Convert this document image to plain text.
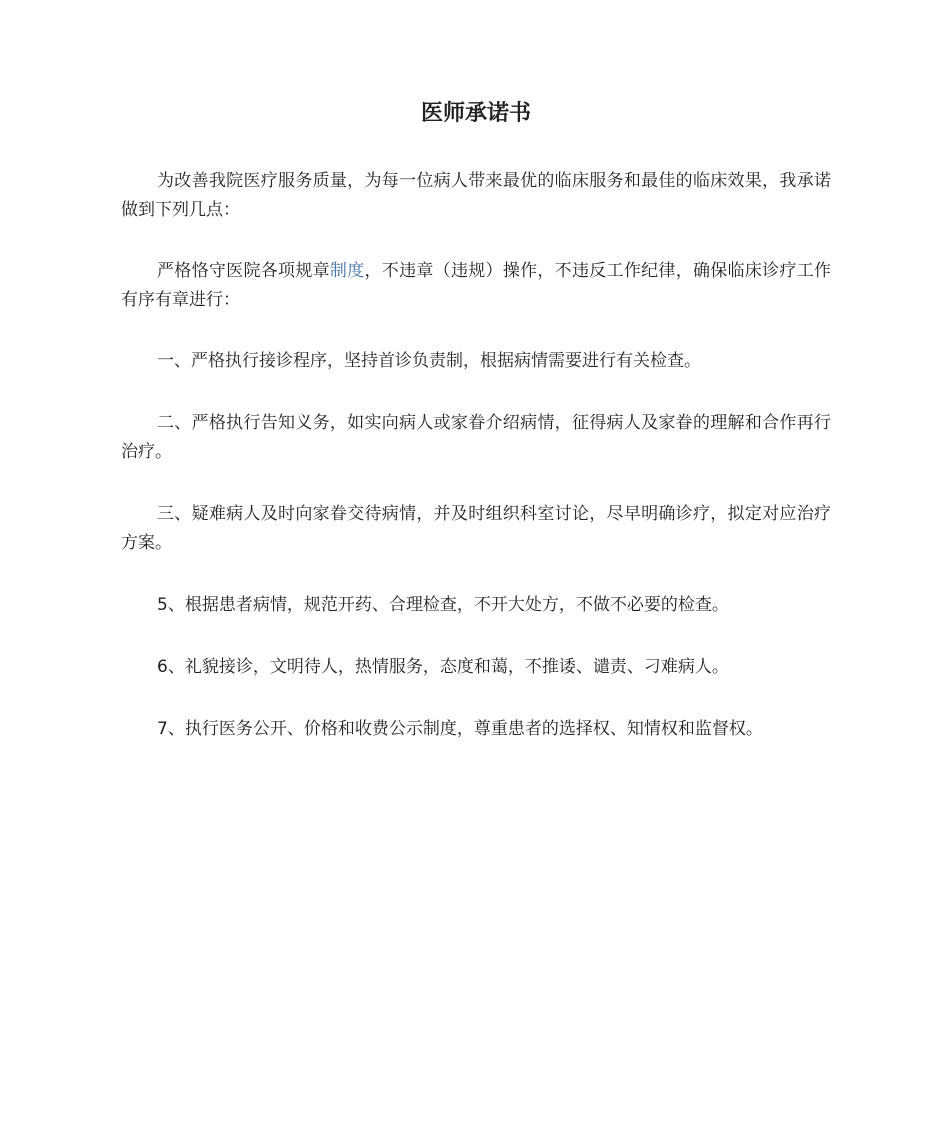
医师承诺书

为改善我院医疗服务质量，为每一位病人带来最优的临床服务和最佳的临床效果，我承诺做到下列几点：

严格恪守医院各项规章制度，不违章（违规）操作，不违反工作纪律，确保临床诊疗工作有序有章进行：

一、严格执行接诊程序，坚持首诊负责制，根据病情需要进行有关检查。

二、严格执行告知义务，如实向病人或家眷介绍病情，征得病人及家眷的理解和合作再行治疗。

三、疑难病人及时向家眷交待病情，并及时组织科室讨论，尽早明确诊疗，拟定对应治疗方案。

5、根据患者病情，规范开药、合理检查，不开大处方，不做不必要的检查。

6、礼貌接诊，文明待人，热情服务，态度和蔼，不推诿、谴责、刁难病人。

7、执行医务公开、价格和收费公示制度，尊重患者的选择权、知情权和监督权。
